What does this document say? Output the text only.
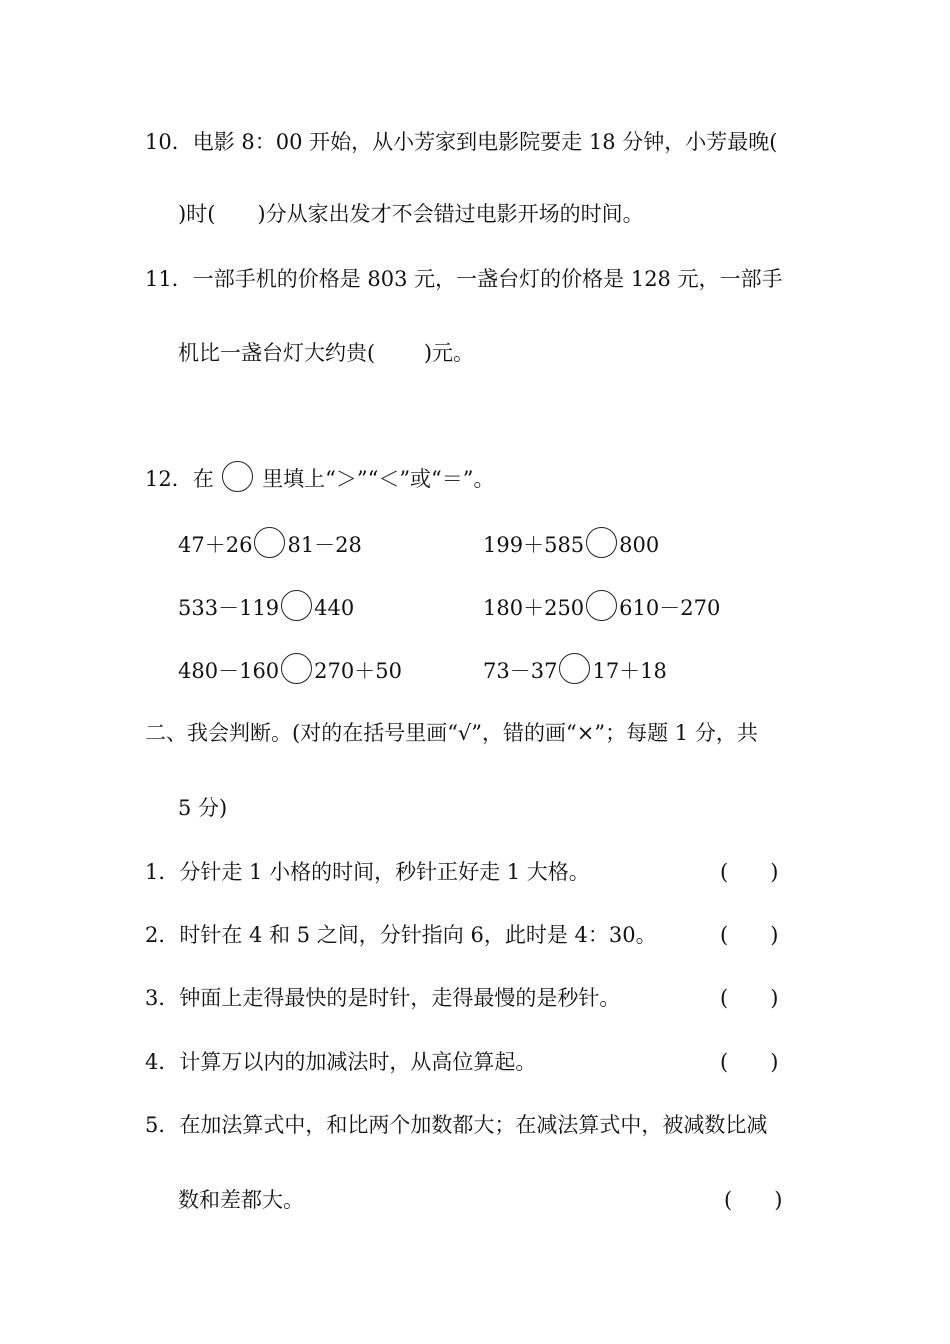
10．电影 8：00 开始，从小芳家到电影院要走 18 分钟，小芳最晚(
)时(　　)分从家出发才不会错过电影开场的时间。
11．一部手机的价格是 803 元，一盏台灯的价格是 128 元，一部手
机比一盏台灯大约贵(　　 )元。
12．在 里填上“＞”“＜”或“＝”。
47＋26 81－28	199＋585 800
533－119 440	180＋250 610－270
480－160 270＋50	73－37 17＋18
二、我会判断。(对的在括号里画“√”，错的画“×”；每题 1 分，共
5 分)
1．分针走 1 小格的时间，秒针正好走 1 大格。	(　　)
2．时针在 4 和 5 之间，分针指向 6，此时是 4：30。	(　　)
3．钟面上走得最快的是时针，走得最慢的是秒针。	(　　)
4．计算万以内的加减法时，从高位算起。	(　　)
5．在加法算式中，和比两个加数都大；在减法算式中，被减数比减
数和差都大。	(　　)
